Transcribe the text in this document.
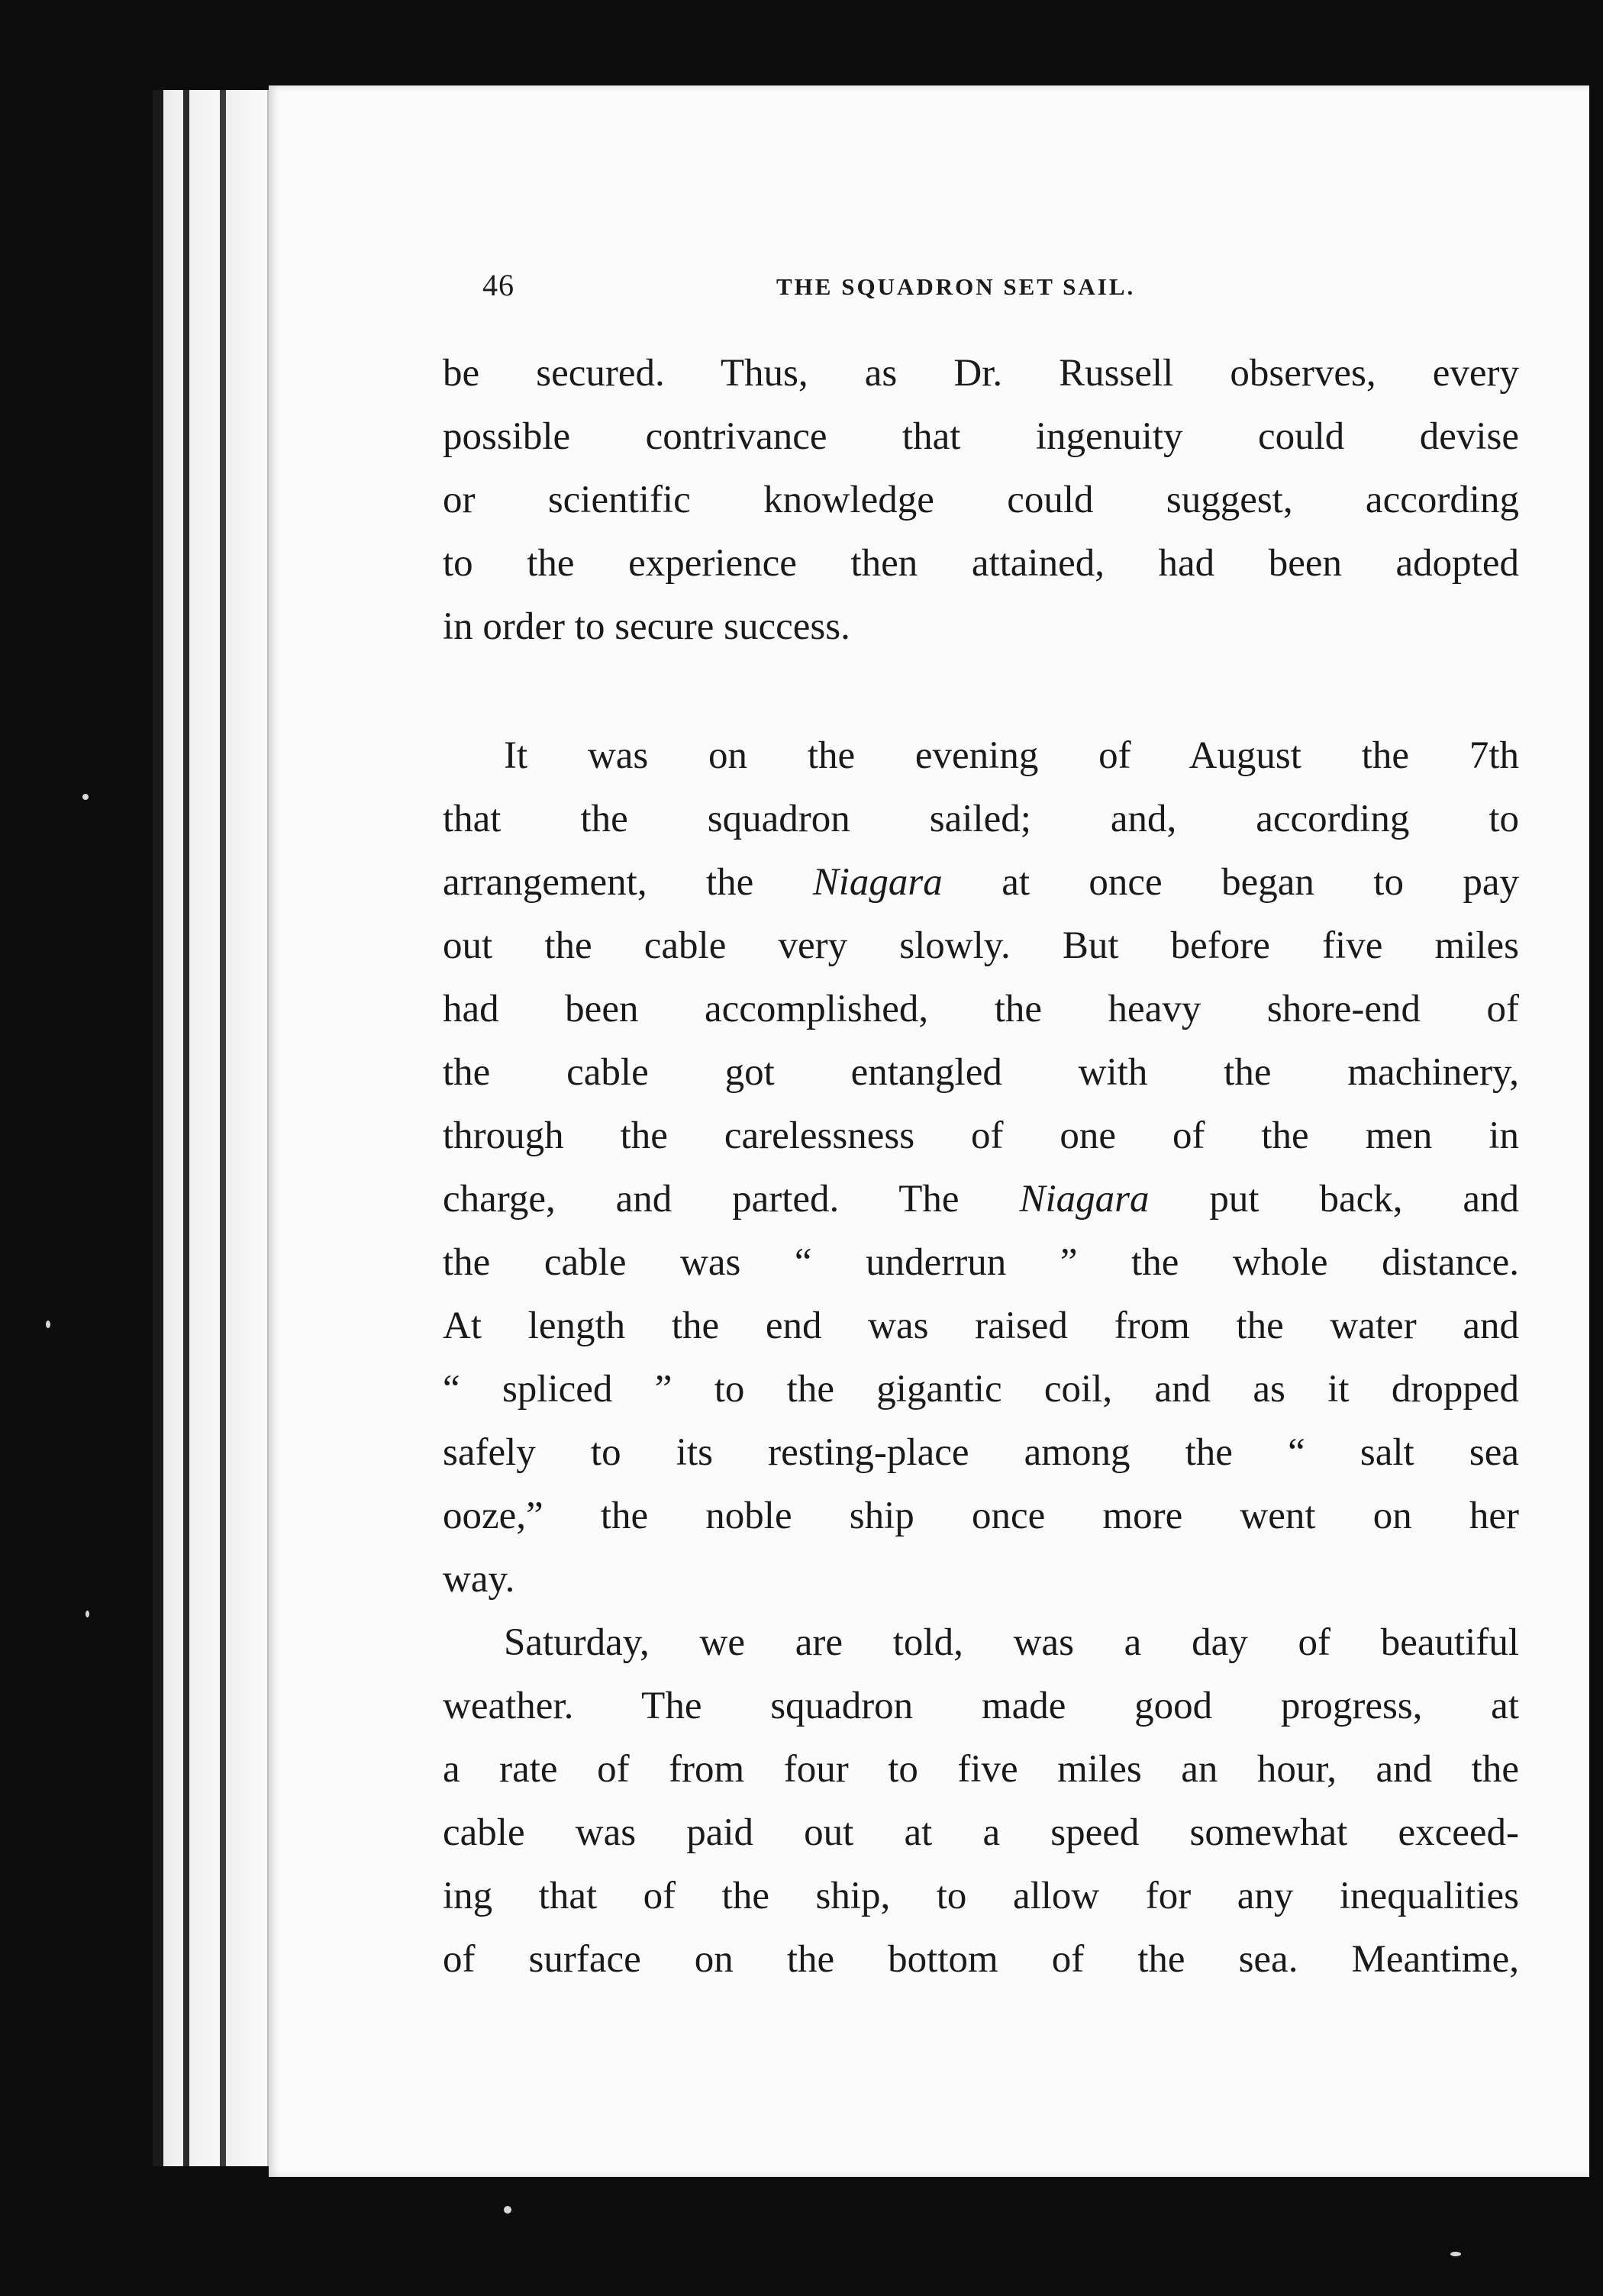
46	THE SQUADRON SET SAIL.
be secured. Thus, as Dr. Russell observes, every
possible contrivance that ingenuity could devise
or scientific knowledge could suggest, according
to the experience then attained, had been adopted
in order to secure success.
It was on the evening of August the 7th
that the squadron sailed; and, according to
arrangement, the Niagara at once began to pay
out the cable very slowly. But before five miles
had been accomplished, the heavy shore-end of
the cable got entangled with the machinery,
through the carelessness of one of the men in
charge, and parted. The Niagara put back, and
the cable was “ underrun ” the whole distance.
At length the end was raised from the water and
“ spliced ” to the gigantic coil, and as it dropped
safely to its resting-place among the “ salt sea
ooze,” the noble ship once more went on her
way.
Saturday, we are told, was a day of beautiful
weather. The squadron made good progress, at
a rate of from four to five miles an hour, and the
cable was paid out at a speed somewhat exceed-
ing that of the ship, to allow for any inequalities
of surface on the bottom of the sea. Meantime,
